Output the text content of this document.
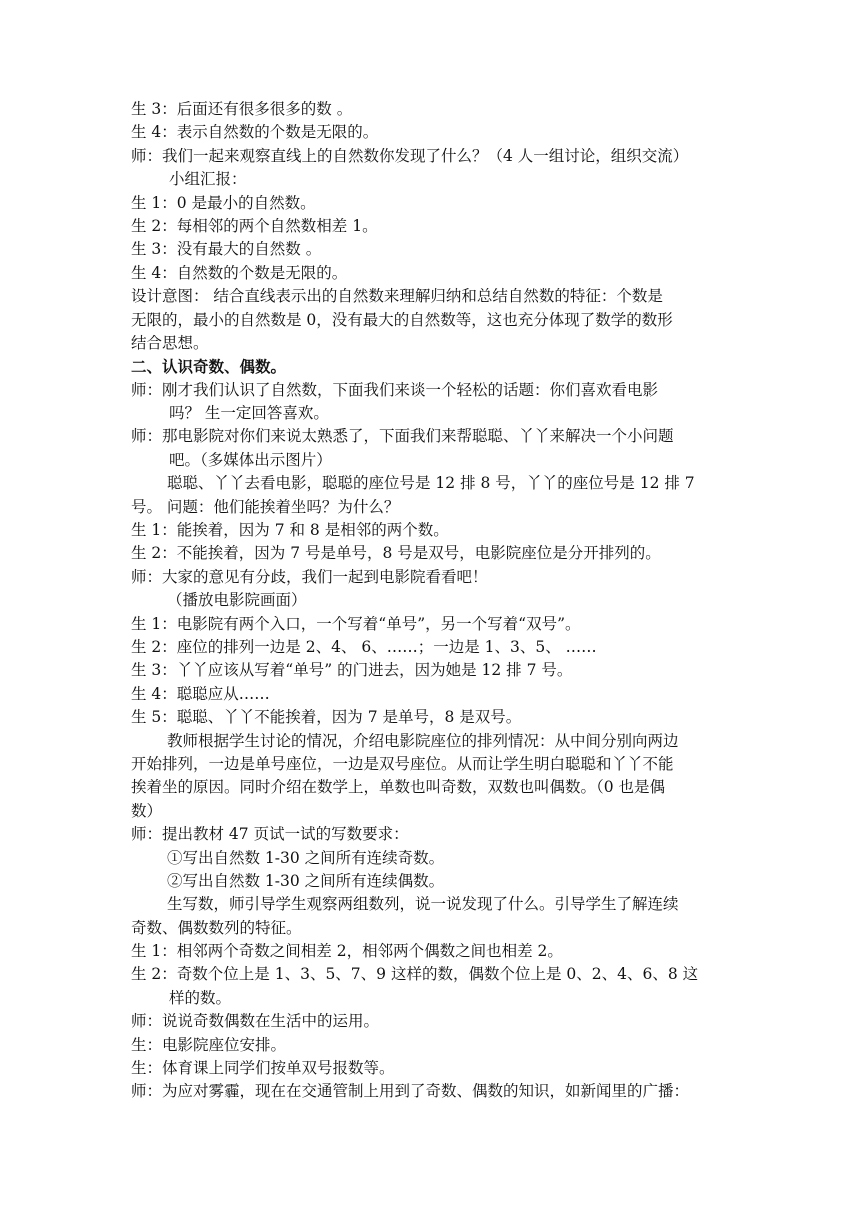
生 3：后面还有很多很多的数 。
生 4：表示自然数的个数是无限的。
师：我们一起来观察直线上的自然数你发现了什么？（4 人一组讨论，组织交流）
小组汇报：
生 1：0 是最小的自然数。
生 2：每相邻的两个自然数相差 1。
生 3：没有最大的自然数 。
生 4：自然数的个数是无限的。
设计意图： 结合直线表示出的自然数来理解归纳和总结自然数的特征：个数是
无限的，最小的自然数是 0，没有最大的自然数等，这也充分体现了数学的数形
结合思想。
二、认识奇数、偶数。
师：刚才我们认识了自然数，下面我们来谈一个轻松的话题：你们喜欢看电影
吗？ 生一定回答喜欢。
师：那电影院对你们来说太熟悉了，下面我们来帮聪聪、丫丫来解决一个小问题
吧。（多媒体出示图片）
聪聪、丫丫去看电影，聪聪的座位号是 12 排 8 号，丫丫的座位号是 12 排 7
号。 问题：他们能挨着坐吗？为什么？
生 1：能挨着，因为 7 和 8 是相邻的两个数。
生 2：不能挨着，因为 7 号是单号，8 号是双号，电影院座位是分开排列的。
师：大家的意见有分歧，我们一起到电影院看看吧！
（播放电影院画面）
生 1：电影院有两个入口，一个写着“单号”，另一个写着“双号”。
生 2：座位的排列一边是 2、4、 6、……；一边是 1、3、5、 ……
生 3：丫丫应该从写着“单号” 的门进去，因为她是 12 排 7 号。
生 4：聪聪应从……
生 5：聪聪、丫丫不能挨着，因为 7 是单号，8 是双号。
教师根据学生讨论的情况，介绍电影院座位的排列情况：从中间分别向两边
开始排列，一边是单号座位，一边是双号座位。从而让学生明白聪聪和丫丫不能
挨着坐的原因。同时介绍在数学上，单数也叫奇数，双数也叫偶数。（0 也是偶
数）
师：提出教材 47 页试一试的写数要求：
①写出自然数 1-30 之间所有连续奇数。
②写出自然数 1-30 之间所有连续偶数。
生写数，师引导学生观察两组数列，说一说发现了什么。引导学生了解连续
奇数、偶数数列的特征。
生 1：相邻两个奇数之间相差 2，相邻两个偶数之间也相差 2。
生 2：奇数个位上是 1、3、5、7、9 这样的数，偶数个位上是 0、2、4、6、8 这
样的数。
师：说说奇数偶数在生活中的运用。
生：电影院座位安排。
生：体育课上同学们按单双号报数等。
师：为应对雾霾，现在在交通管制上用到了奇数、偶数的知识，如新闻里的广播：
